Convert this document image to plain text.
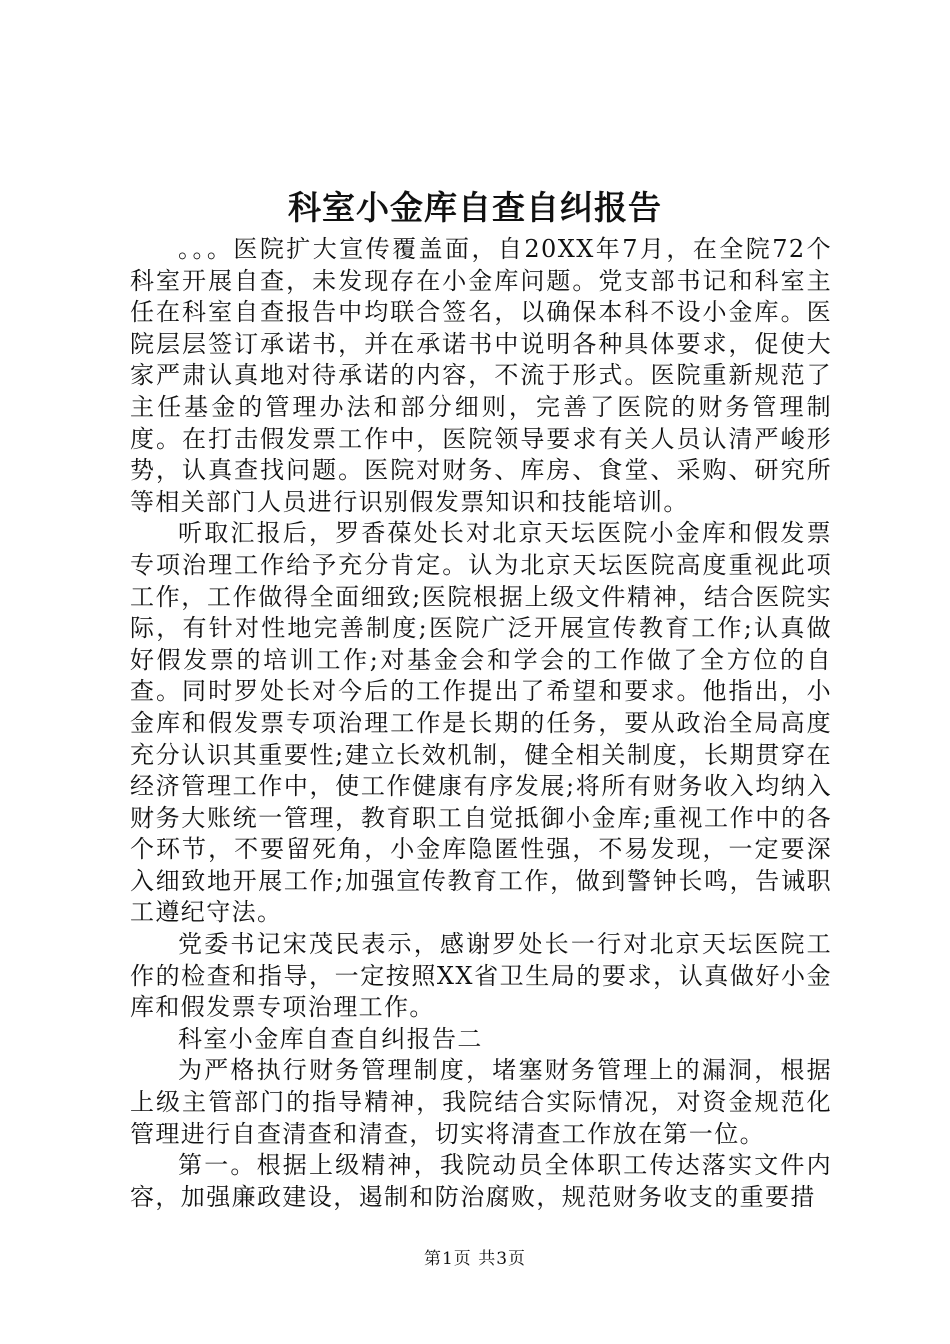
科室小金库自查自纠报告

。。。医院扩大宣传覆盖面，自20XX年7月，在全院72个科室开展自查，未发现存在小金库问题。党支部书记和科室主任在科室自查报告中均联合签名，以确保本科不设小金库。医院层层签订承诺书，并在承诺书中说明各种具体要求，促使大家严肃认真地对待承诺的内容，不流于形式。医院重新规范了主任基金的管理办法和部分细则，完善了医院的财务管理制度。在打击假发票工作中，医院领导要求有关人员认清严峻形势，认真查找问题。医院对财务、库房、食堂、采购、研究所等相关部门人员进行识别假发票知识和技能培训。

听取汇报后，罗香葆处长对北京天坛医院小金库和假发票专项治理工作给予充分肯定。认为北京天坛医院高度重视此项工作，工作做得全面细致;医院根据上级文件精神，结合医院实际，有针对性地完善制度;医院广泛开展宣传教育工作;认真做好假发票的培训工作;对基金会和学会的工作做了全方位的自查。同时罗处长对今后的工作提出了希望和要求。他指出，小金库和假发票专项治理工作是长期的任务，要从政治全局高度充分认识其重要性;建立长效机制，健全相关制度，长期贯穿在经济管理工作中，使工作健康有序发展;将所有财务收入均纳入财务大账统一管理，教育职工自觉抵御小金库;重视工作中的各个环节，不要留死角，小金库隐匿性强，不易发现，一定要深入细致地开展工作;加强宣传教育工作，做到警钟长鸣，告诫职工遵纪守法。

党委书记宋茂民表示，感谢罗处长一行对北京天坛医院工作的检查和指导，一定按照XX省卫生局的要求，认真做好小金库和假发票专项治理工作。

科室小金库自查自纠报告二

为严格执行财务管理制度，堵塞财务管理上的漏洞，根据上级主管部门的指导精神，我院结合实际情况，对资金规范化管理进行自查清查和清查，切实将清查工作放在第一位。

第一。根据上级精神，我院动员全体职工传达落实文件内容，加强廉政建设，遏制和防治腐败，规范财务收支的重要措

第1页 共3页
